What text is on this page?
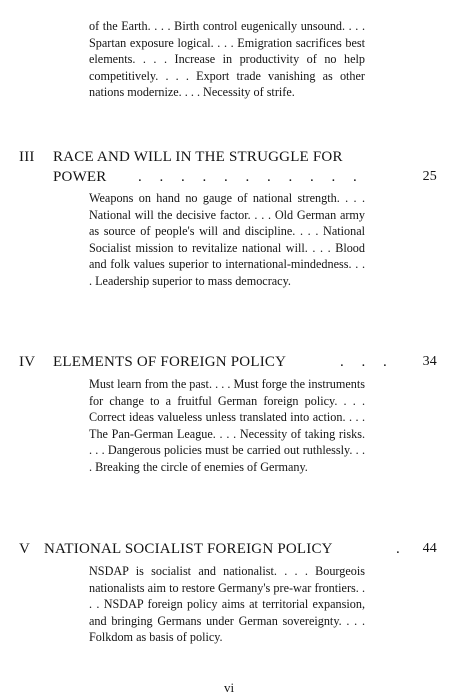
of the Earth. . . . Birth control eugenically unsound. . . . Spartan exposure logical. . . . Emigration sacrifices best elements. . . . Increase in productivity of no help competitively. . . . Export trade vanishing as other nations modernize. . . . Necessity of strife.

III RACE AND WILL IN THE STRUGGLE FOR
POWER . . . . . . . . . . .	25

Weapons on hand no gauge of national strength. . . . National will the decisive factor. . . . Old German army as source of people's will and discipline. . . . National Socialist mission to revitalize national will. . . . Blood and folk values superior to international-mindedness. . . . Leadership superior to mass democracy.

IV ELEMENTS OF FOREIGN POLICY	. . . 34

Must learn from the past. . . . Must forge the instruments for change to a fruitful German foreign policy. . . . Correct ideas valueless unless translated into action. . . . The Pan-German League. . . . Necessity of taking risks. . . . Dangerous policies must be carried out ruthlessly. . . . Breaking the circle of enemies of Germany.

V NATIONAL SOCIALIST FOREIGN POLICY	. 44

NSDAP is socialist and nationalist. . . . Bourgeois nationalists aim to restore Germany's pre-war frontiers. . . . NSDAP foreign policy aims at territorial expansion, and bringing Germans under German sovereignty. . . . Folkdom as basis of policy.

vi
